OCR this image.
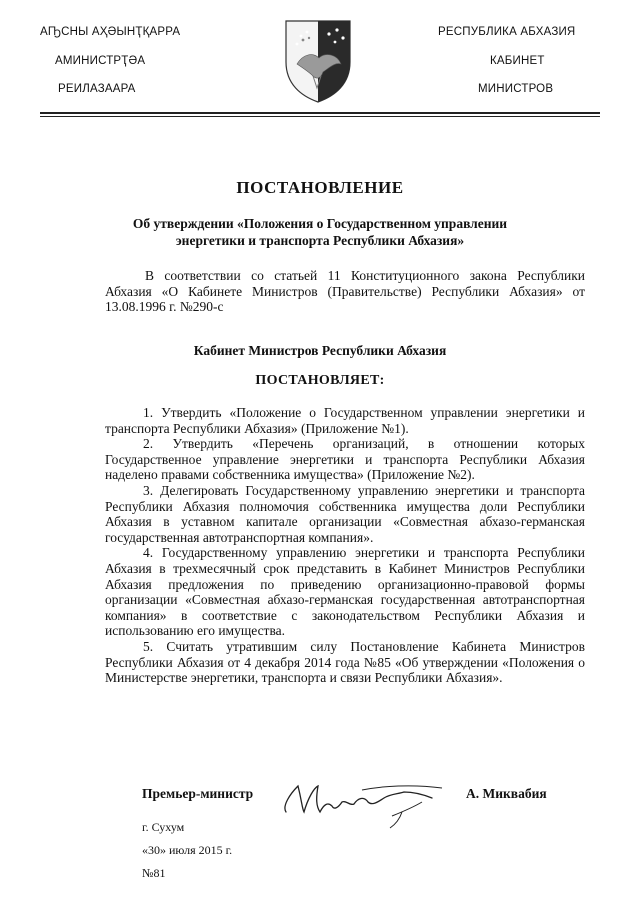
АҦСНЫ АҲӘЫНҬҚАРРА
АМИНИСТРҬӘА
РЕИЛАЗААРА
РЕСПУБЛИКА АБХАЗИЯ
КАБИНЕТ
МИНИСТРОВ
ПОСТАНОВЛЕНИЕ
Об утверждении «Положения о Государственном управлении
энергетики и транспорта Республики Абхазия»

В соответствии со статьей 11 Конституционного закона Республики Абхазия «О Кабинете Министров (Правительстве) Республики Абхазия» от 13.08.1996 г. №290-с

Кабинет Министров Республики Абхазия
ПОСТАНОВЛЯЕТ:

1. Утвердить «Положение о Государственном управлении энергетики и транспорта Республики Абхазия» (Приложение №1).

2. Утвердить «Перечень организаций, в отношении которых Государственное управление энергетики и транспорта Республики Абхазия наделено правами собственника имущества» (Приложение №2).

3. Делегировать Государственному управлению энергетики и транспорта Республики Абхазия полномочия собственника имущества доли Республики Абхазия в уставном капитале организации «Совместная абхазо-германская государственная автотранспортная компания».

4. Государственному управлению энергетики и транспорта Республики Абхазия в трехмесячный срок представить в Кабинет Министров Республики Абхазия предложения по приведению организационно-правовой формы организации «Совместная абхазо-германская государственная автотранспортная компания» в соответствие с законодательством Республики Абхазия и использованию его имущества.

5. Считать утратившим силу Постановление Кабинета Министров Республики Абхазия от 4 декабря 2014 года №85 «Об утверждении «Положения о Министерстве энергетики, транспорта и связи Республики Абхазия».

Премьер-министр	А. Миквабия
г. Сухум
«30» июля 2015 г.
№81
